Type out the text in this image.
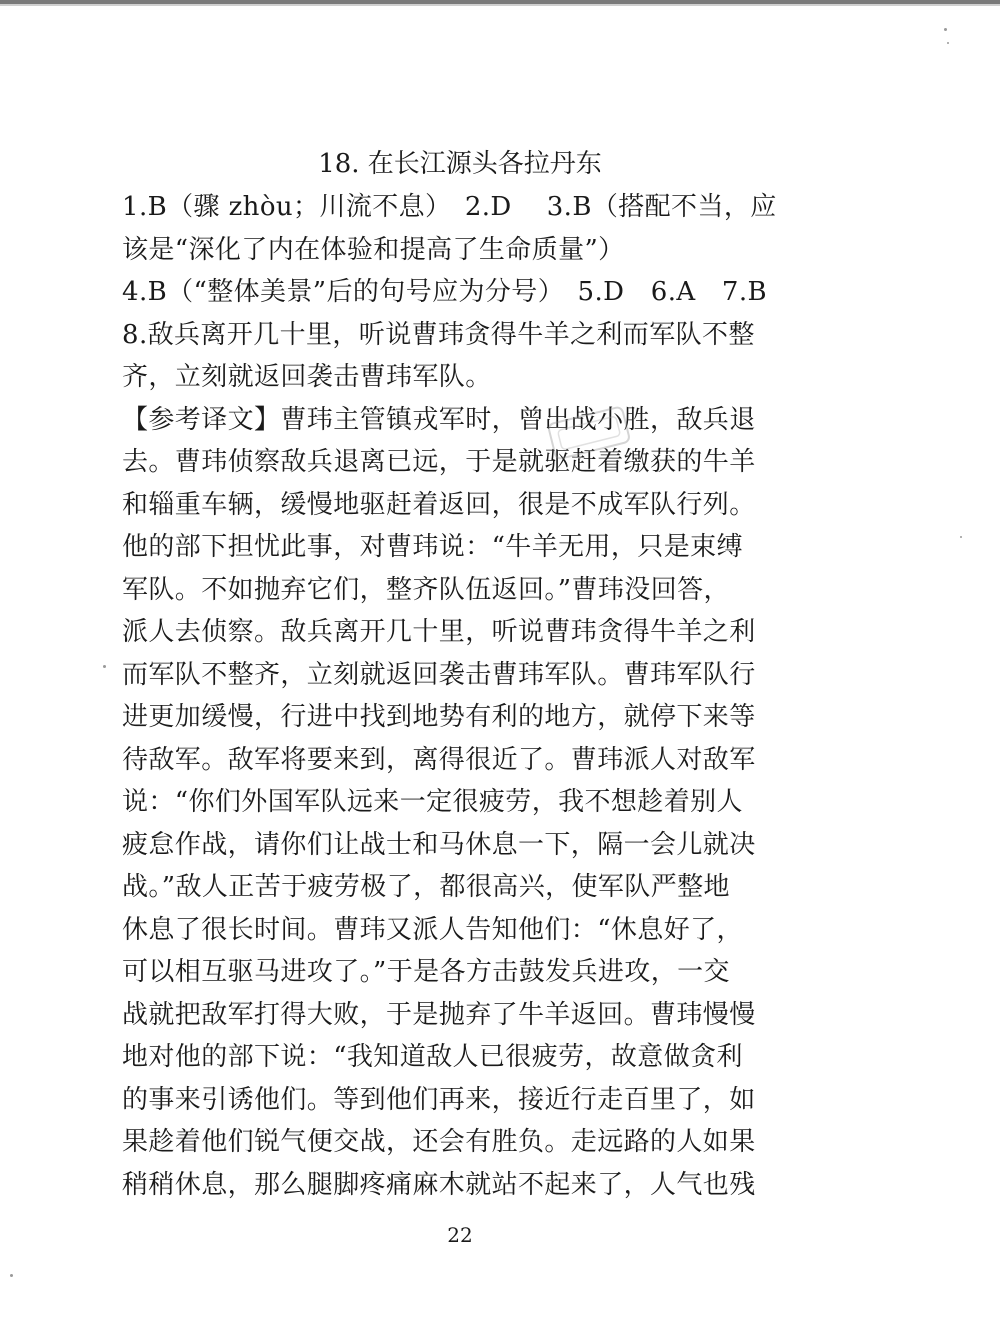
18. 在长江源头各拉丹东
1.B（骤 zhòu；川流不息）　2.D　 3.B（搭配不当，应
该是“深化了内在体验和提高了生命质量”）
4.B（“整体美景”后的句号应为分号）　5.D　6.A　7.B
8.敌兵离开几十里，听说曹玮贪得牛羊之利而军队不整
齐，立刻就返回袭击曹玮军队。
【参考译文】曹玮主管镇戎军时，曾出战小胜，敌兵退
去。曹玮侦察敌兵退离已远，于是就驱赶着缴获的牛羊
和辎重车辆，缓慢地驱赶着返回，很是不成军队行列。
他的部下担忧此事，对曹玮说：“牛羊无用，只是束缚
军队。不如抛弃它们，整齐队伍返回。”曹玮没回答，
派人去侦察。敌兵离开几十里，听说曹玮贪得牛羊之利
而军队不整齐，立刻就返回袭击曹玮军队。曹玮军队行
进更加缓慢，行进中找到地势有利的地方，就停下来等
待敌军。敌军将要来到，离得很近了。曹玮派人对敌军
说：“你们外国军队远来一定很疲劳，我不想趁着别人
疲怠作战，请你们让战士和马休息一下，隔一会儿就决
战。”敌人正苦于疲劳极了，都很高兴，使军队严整地
休息了很长时间。曹玮又派人告知他们：“休息好了，
可以相互驱马进攻了。”于是各方击鼓发兵进攻，一交
战就把敌军打得大败，于是抛弃了牛羊返回。曹玮慢慢
地对他的部下说：“我知道敌人已很疲劳，故意做贪利
的事来引诱他们。等到他们再来，接近行走百里了，如
果趁着他们锐气便交战，还会有胜负。走远路的人如果
稍稍休息，那么腿脚疼痛麻木就站不起来了，人气也残
22
